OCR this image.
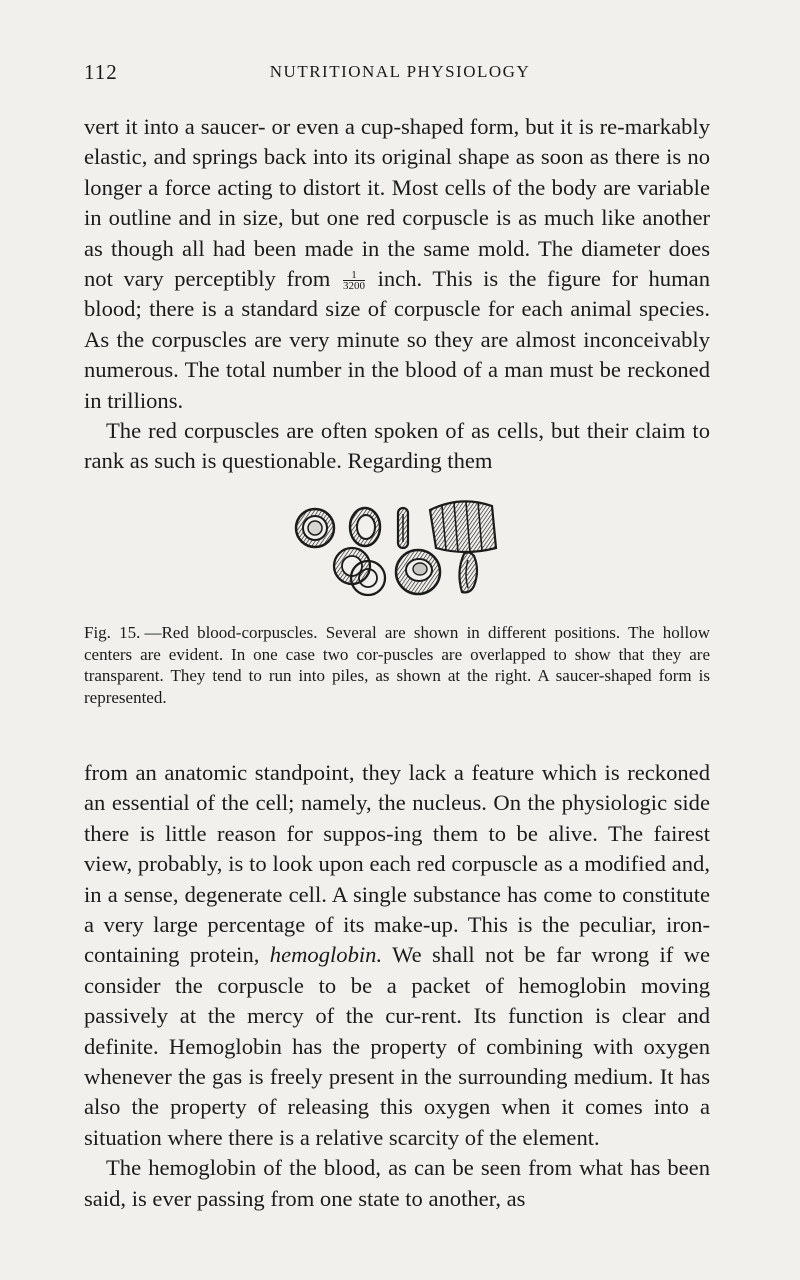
112	NUTRITIONAL PHYSIOLOGY

vert it into a saucer- or even a cup-shaped form, but it is re-markably elastic, and springs back into its original shape as soon as there is no longer a force acting to distort it. Most cells of the body are variable in outline and in size, but one red corpuscle is as much like another as though all had been made in the same mold. The diameter does not vary perceptibly from $\frac{1}{3200}$ inch. This is the figure for human blood; there is a standard size of corpuscle for each animal species. As the corpuscles are very minute so they are almost inconceivably numerous. The total number in the blood of a man must be reckoned in trillions.

The red corpuscles are often spoken of as cells, but their claim to rank as such is questionable. Regarding them

Fig. 15. —Red blood-corpuscles. Several are shown in different positions. The hollow centers are evident. In one case two cor-puscles are overlapped to show that they are transparent. They tend to run into piles, as shown at the right. A saucer-shaped form is represented.

from an anatomic standpoint, they lack a feature which is reckoned an essential of the cell; namely, the nucleus. On the physiologic side there is little reason for suppos-ing them to be alive. The fairest view, probably, is to look upon each red corpuscle as a modified and, in a sense, degenerate cell. A single substance has come to constitute a very large percentage of its make-up. This is the peculiar, iron-containing protein, hemoglobin. We shall not be far wrong if we consider the corpuscle to be a packet of hemoglobin moving passively at the mercy of the cur-rent. Its function is clear and definite. Hemoglobin has the property of combining with oxygen whenever the gas is freely present in the surrounding medium. It has also the property of releasing this oxygen when it comes into a situation where there is a relative scarcity of the element.

The hemoglobin of the blood, as can be seen from what has been said, is ever passing from one state to another, as
